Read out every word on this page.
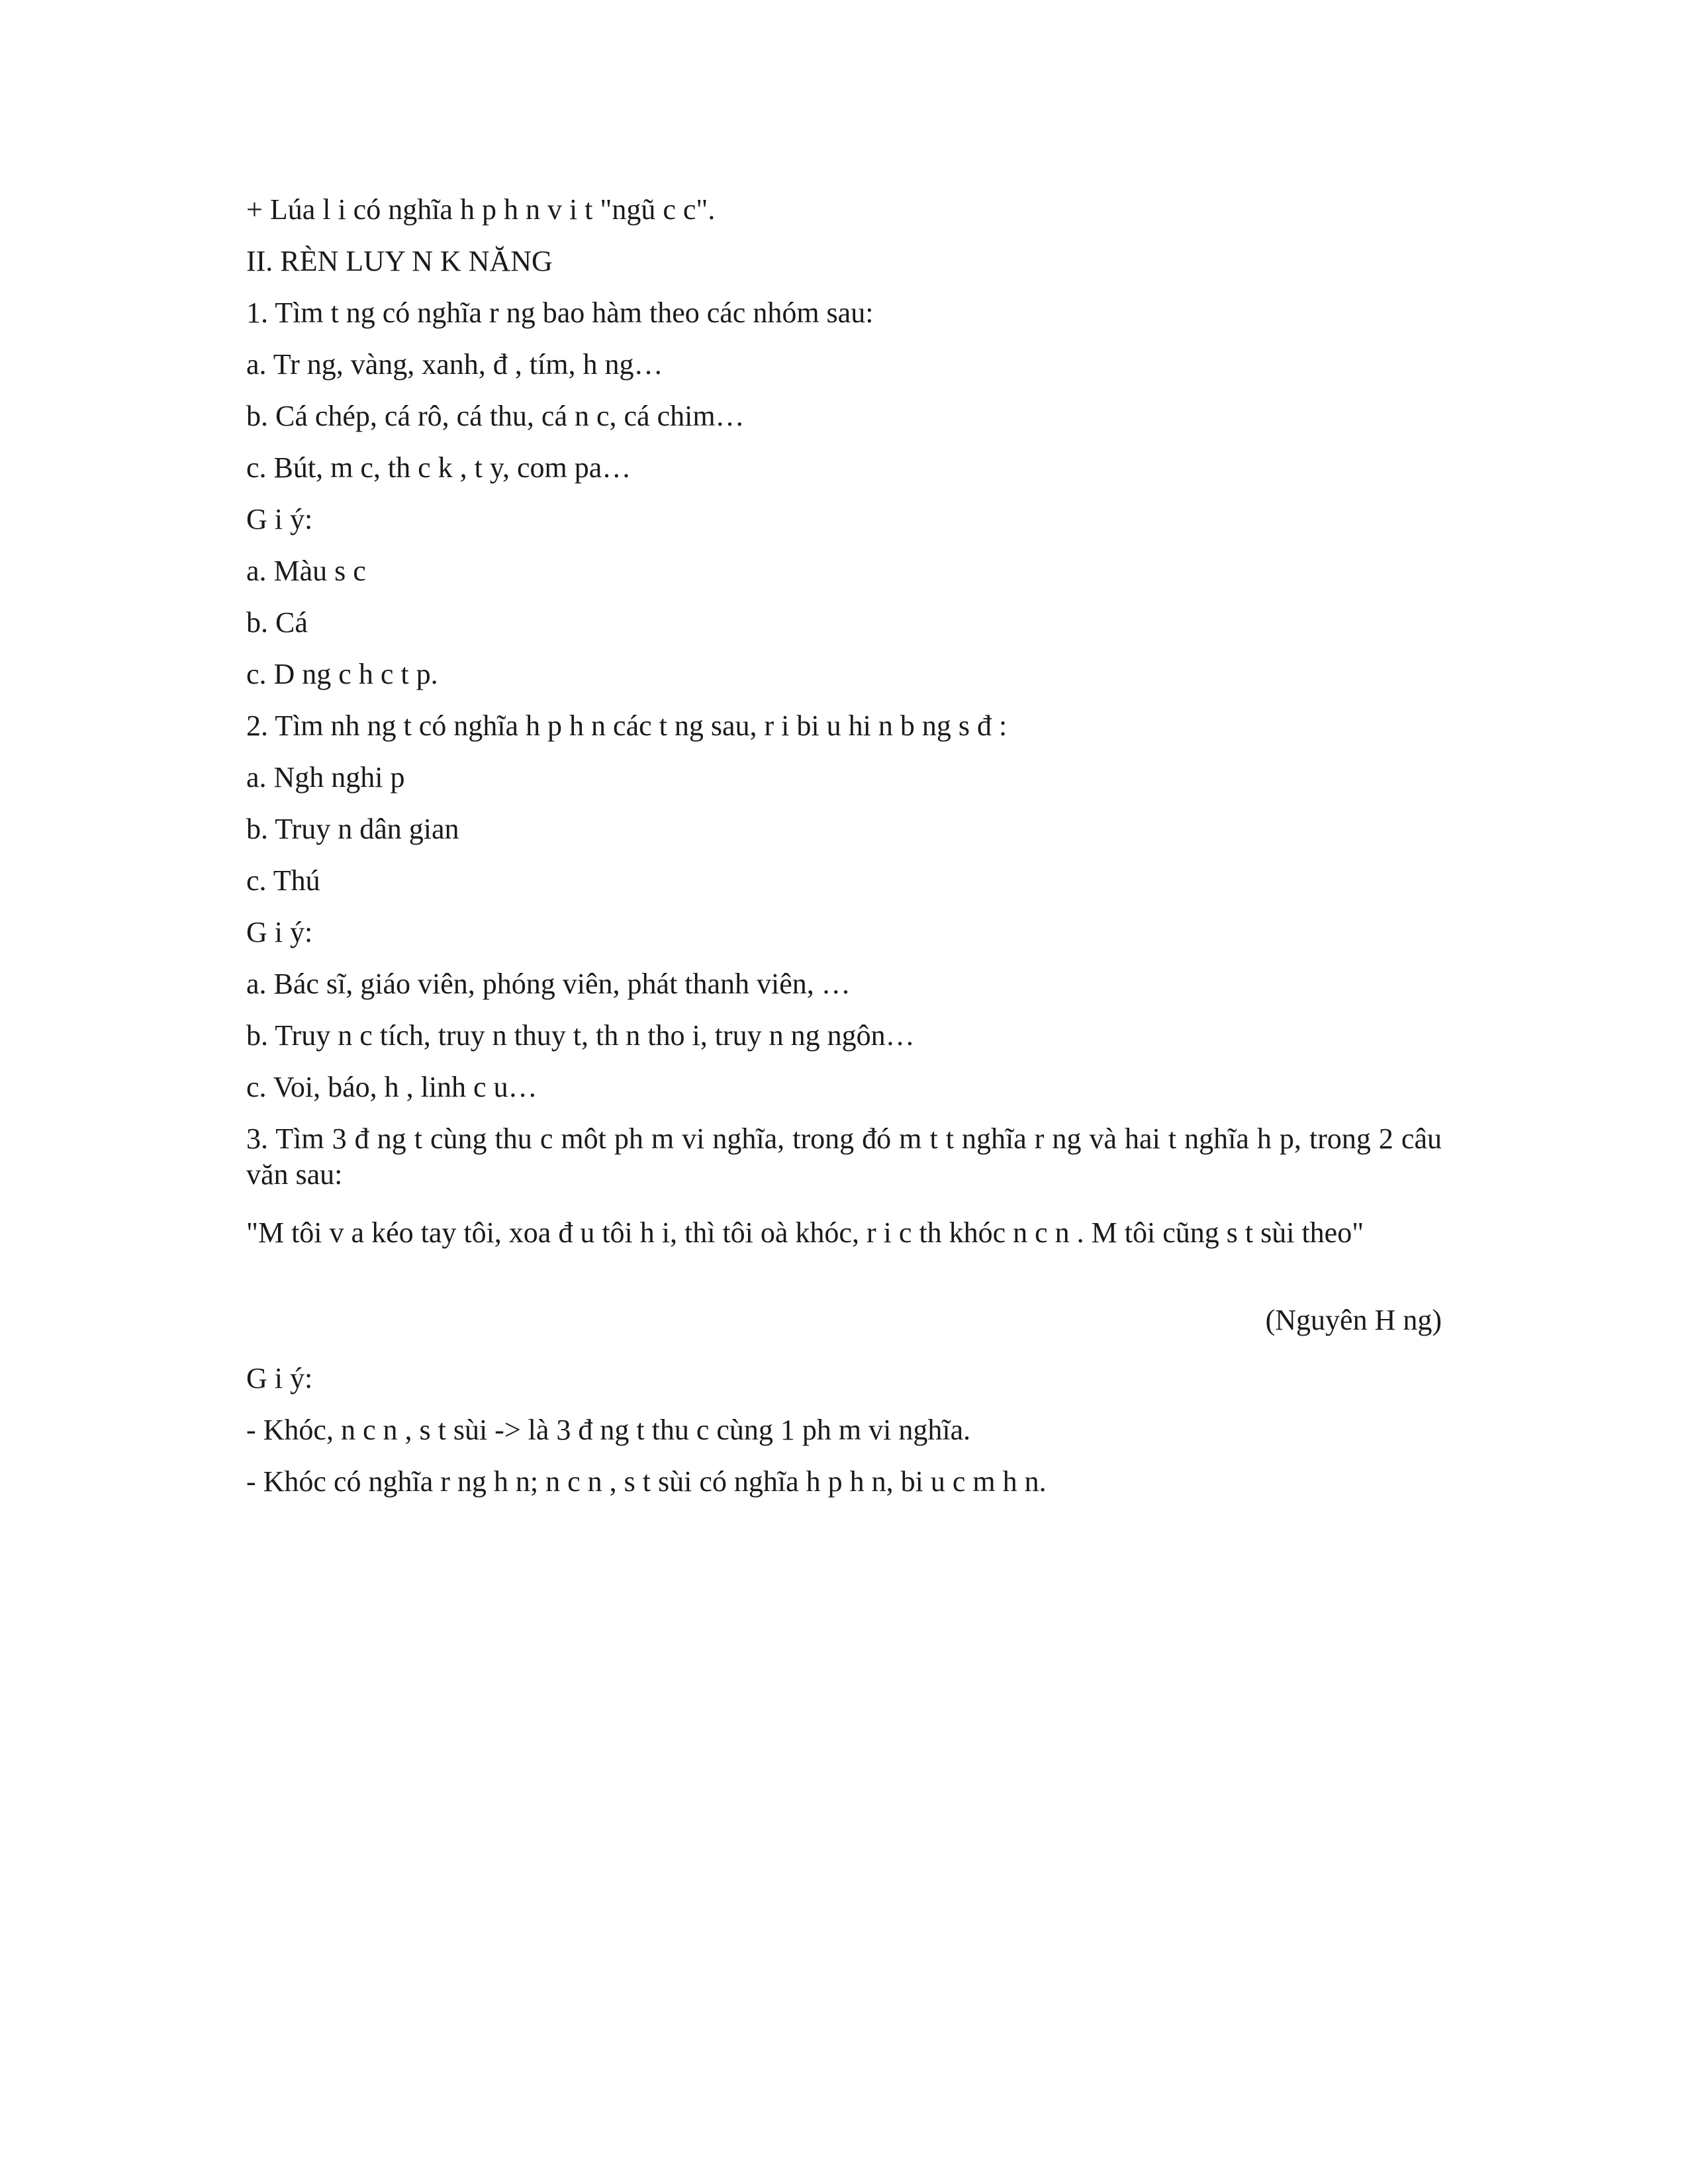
+ Lúa l i có nghĩa h p h n v i t "ngũ c c".

II. RÈN LUY N K NĂNG

1. Tìm t ng có nghĩa r ng bao hàm theo các nhóm sau:

a. Tr ng, vàng, xanh, đ , tím, h ng…

b. Cá chép, cá rô, cá thu, cá n c, cá chim…

c. Bút, m c, th c k , t y, com pa…

G i ý:

a. Màu s c

b. Cá

c. D ng c h c t p.

2. Tìm nh ng t có nghĩa h p h n các t ng sau, r i bi u hi n b ng s đ :

a. Ngh nghi p

b. Truy n dân gian

c. Thú

G i ý:

a. Bác sĩ, giáo viên, phóng viên, phát thanh viên, …

b. Truy n c tích, truy n thuy t, th n tho i, truy n ng ngôn…

c. Voi, báo, h , linh c u…

3. Tìm 3 đ ng t cùng thu c môt ph m vi nghĩa, trong đó m t t nghĩa r ng và hai t nghĩa h p, trong 2 câu văn sau:

"M tôi v a kéo tay tôi, xoa đ u tôi h i, thì tôi oà khóc, r i c th khóc n c n . M tôi cũng s t sùi theo"

(Nguyên H ng)

G i ý:

- Khóc, n c n , s t sùi -> là 3 đ ng t thu c cùng 1 ph m vi nghĩa.

- Khóc có nghĩa r ng h n; n c n , s t sùi có nghĩa h p h n, bi u c m h n.
